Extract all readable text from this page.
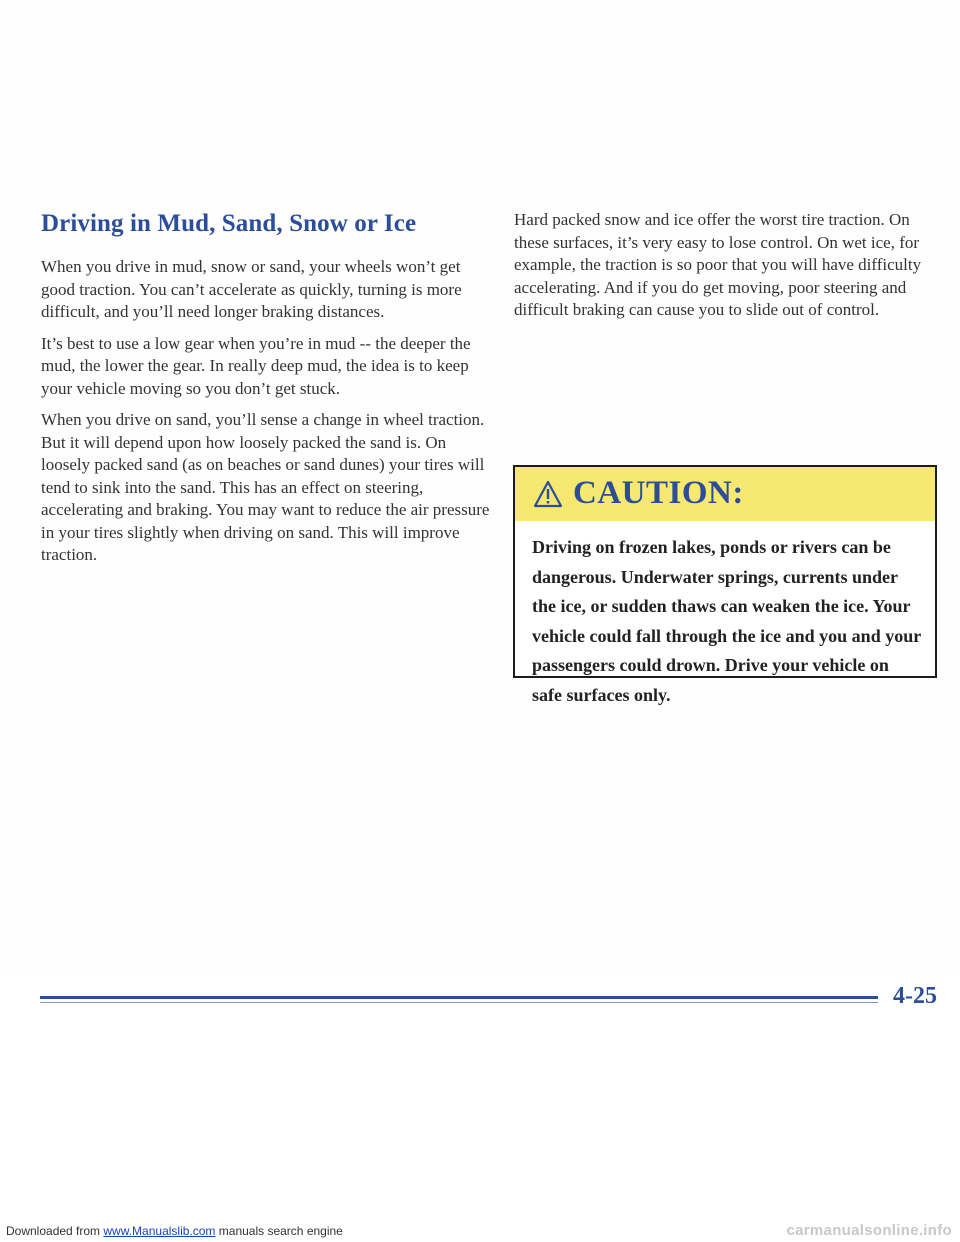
Driving in Mud, Sand, Snow or Ice

When you drive in mud, snow or sand, your wheels won’t get good traction. You can’t accelerate as quickly, turning is more difficult, and you’ll need longer braking distances.

It’s best to use a low gear when you’re in mud -- the deeper the mud, the lower the gear. In really deep mud, the idea is to keep your vehicle moving so you don’t get stuck.

When you drive on sand, you’ll sense a change in wheel traction. But it will depend upon how loosely packed the sand is. On loosely packed sand (as on beaches or sand dunes) your tires will tend to sink into the sand. This has an effect on steering, accelerating and braking. You may want to reduce the air pressure in your tires slightly when driving on sand. This will improve traction.

Hard packed snow and ice offer the worst tire traction. On these surfaces, it’s very easy to lose control. On wet ice, for example, the traction is so poor that you will have difficulty accelerating. And if you do get moving, poor steering and difficult braking can cause you to slide out of control.

CAUTION:

Driving on frozen lakes, ponds or rivers can be dangerous. Underwater springs, currents under the ice, or sudden thaws can weaken the ice. Your vehicle could fall through the ice and you and your passengers could drown. Drive your vehicle on safe surfaces only.

4-25

Downloaded from www.Manualslib.com manuals search engine	carmanualsonline.info
